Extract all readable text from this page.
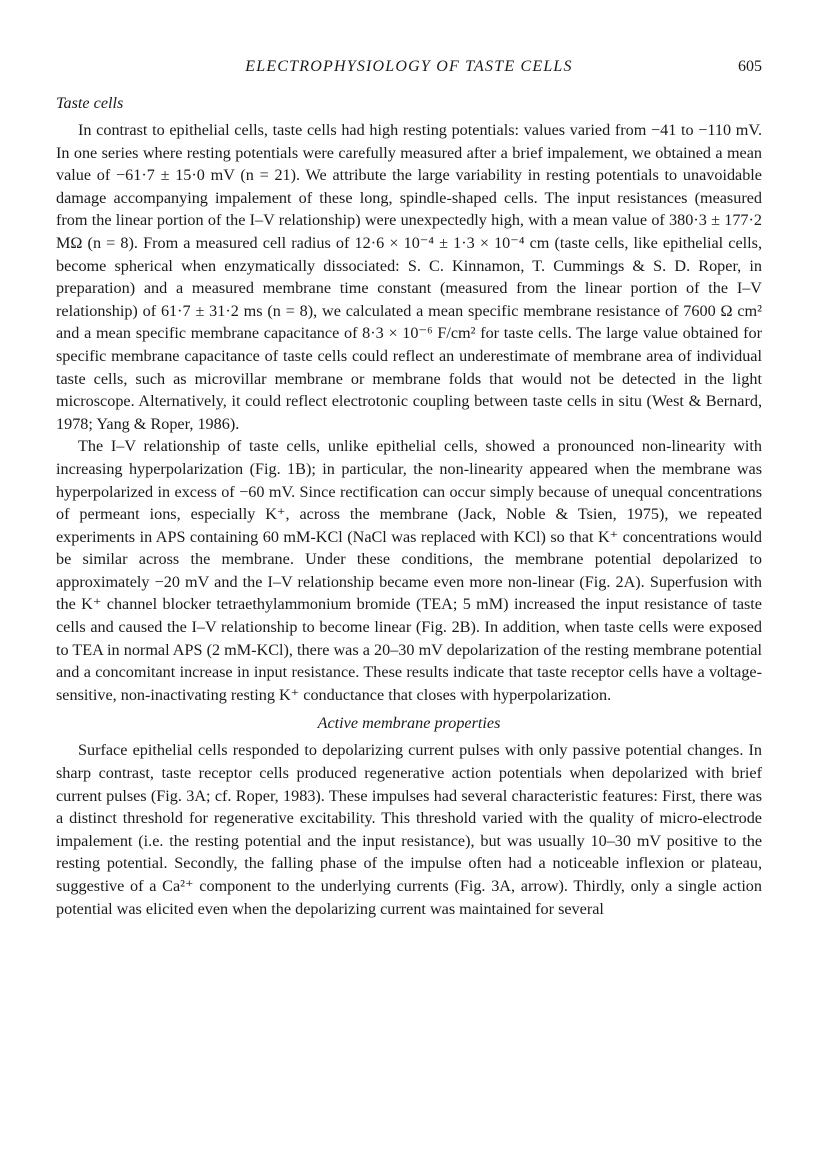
ELECTROPHYSIOLOGY OF TASTE CELLS	605
Taste cells

In contrast to epithelial cells, taste cells had high resting potentials: values varied from −41 to −110 mV. In one series where resting potentials were carefully measured after a brief impalement, we obtained a mean value of −61·7 ± 15·0 mV (n = 21). We attribute the large variability in resting potentials to unavoidable damage accompanying impalement of these long, spindle-shaped cells. The input resistances (measured from the linear portion of the I–V relationship) were unexpectedly high, with a mean value of 380·3 ± 177·2 MΩ (n = 8). From a measured cell radius of 12·6 × 10⁻⁴ ± 1·3 × 10⁻⁴ cm (taste cells, like epithelial cells, become spherical when enzymatically dissociated: S. C. Kinnamon, T. Cummings & S. D. Roper, in preparation) and a measured membrane time constant (measured from the linear portion of the I–V relationship) of 61·7 ± 31·2 ms (n = 8), we calculated a mean specific membrane resistance of 7600 Ω cm² and a mean specific membrane capacitance of 8·3 × 10⁻⁶ F/cm² for taste cells. The large value obtained for specific membrane capacitance of taste cells could reflect an underestimate of membrane area of individual taste cells, such as microvillar membrane or membrane folds that would not be detected in the light microscope. Alternatively, it could reflect electrotonic coupling between taste cells in situ (West & Bernard, 1978; Yang & Roper, 1986).

The I–V relationship of taste cells, unlike epithelial cells, showed a pronounced non-linearity with increasing hyperpolarization (Fig. 1B); in particular, the non-linearity appeared when the membrane was hyperpolarized in excess of −60 mV. Since rectification can occur simply because of unequal concentrations of permeant ions, especially K⁺, across the membrane (Jack, Noble & Tsien, 1975), we repeated experiments in APS containing 60 mM-KCl (NaCl was replaced with KCl) so that K⁺ concentrations would be similar across the membrane. Under these conditions, the membrane potential depolarized to approximately −20 mV and the I–V relationship became even more non-linear (Fig. 2A). Superfusion with the K⁺ channel blocker tetraethylammonium bromide (TEA; 5 mM) increased the input resistance of taste cells and caused the I–V relationship to become linear (Fig. 2B). In addition, when taste cells were exposed to TEA in normal APS (2 mM-KCl), there was a 20–30 mV depolarization of the resting membrane potential and a concomitant increase in input resistance. These results indicate that taste receptor cells have a voltage-sensitive, non-inactivating resting K⁺ conductance that closes with hyperpolarization.

Active membrane properties

Surface epithelial cells responded to depolarizing current pulses with only passive potential changes. In sharp contrast, taste receptor cells produced regenerative action potentials when depolarized with brief current pulses (Fig. 3A; cf. Roper, 1983). These impulses had several characteristic features: First, there was a distinct threshold for regenerative excitability. This threshold varied with the quality of micro-electrode impalement (i.e. the resting potential and the input resistance), but was usually 10–30 mV positive to the resting potential. Secondly, the falling phase of the impulse often had a noticeable inflexion or plateau, suggestive of a Ca²⁺ component to the underlying currents (Fig. 3A, arrow). Thirdly, only a single action potential was elicited even when the depolarizing current was maintained for several
